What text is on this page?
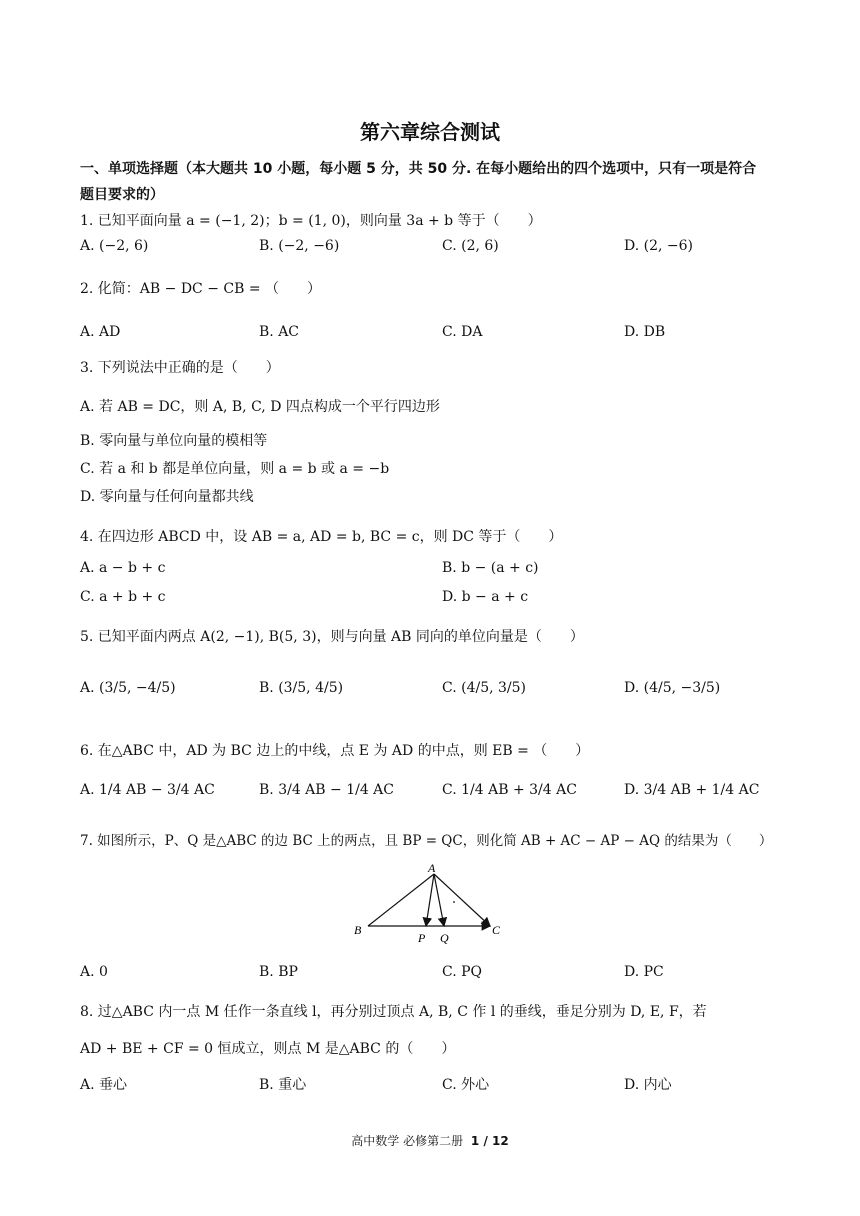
第六章综合测试
一、单项选择题（本大题共 10 小题，每小题 5 分，共 50 分. 在每小题给出的四个选项中，只有一项是符合
题目要求的）
1. 已知平面向量 a = (−1, 2)；b = (1, 0)，则向量 3a + b 等于（　　）
A. (−2, 6)	B. (−2, −6)	C. (2, 6)	D. (2, −6)
2. 化简：AB − DC − CB = （　　）
A. AD	B. AC	C. DA	D. DB
3. 下列说法中正确的是（　　）
A. 若 AB = DC，则 A, B, C, D 四点构成一个平行四边形
B. 零向量与单位向量的模相等
C. 若 a 和 b 都是单位向量，则 a = b 或 a = −b
D. 零向量与任何向量都共线
4. 在四边形 ABCD 中，设 AB = a, AD = b, BC = c，则 DC 等于（　　）
A. a − b + c	B. b − (a + c)
C. a + b + c	D. b − a + c
5. 已知平面内两点 A(2, −1), B(5, 3)，则与向量 AB 同向的单位向量是（　　）
A. (3/5, −4/5)	B. (3/5, 4/5)	C. (4/5, 3/5)	D. (4/5, −3/5)
6. 在△ABC 中，AD 为 BC 边上的中线，点 E 为 AD 的中点，则 EB = （　　）
A. 1/4 AB − 3/4 AC	B. 3/4 AB − 1/4 AC	C. 1/4 AB + 3/4 AC	D. 3/4 AB + 1/4 AC
7. 如图所示，P、Q 是△ABC 的边 BC 上的两点，且 BP = QC，则化简 AB + AC − AP − AQ 的结果为（　　）
A
B
P Q
C
A. 0	B. BP	C. PQ	D. PC
8. 过△ABC 内一点 M 任作一条直线 l，再分别过顶点 A, B, C 作 l 的垂线，垂足分别为 D, E, F，若
AD + BE + CF = 0 恒成立，则点 M 是△ABC 的（　　）
A. 垂心	B. 重心	C. 外心	D. 内心
高中数学 必修第二册 1 / 12
